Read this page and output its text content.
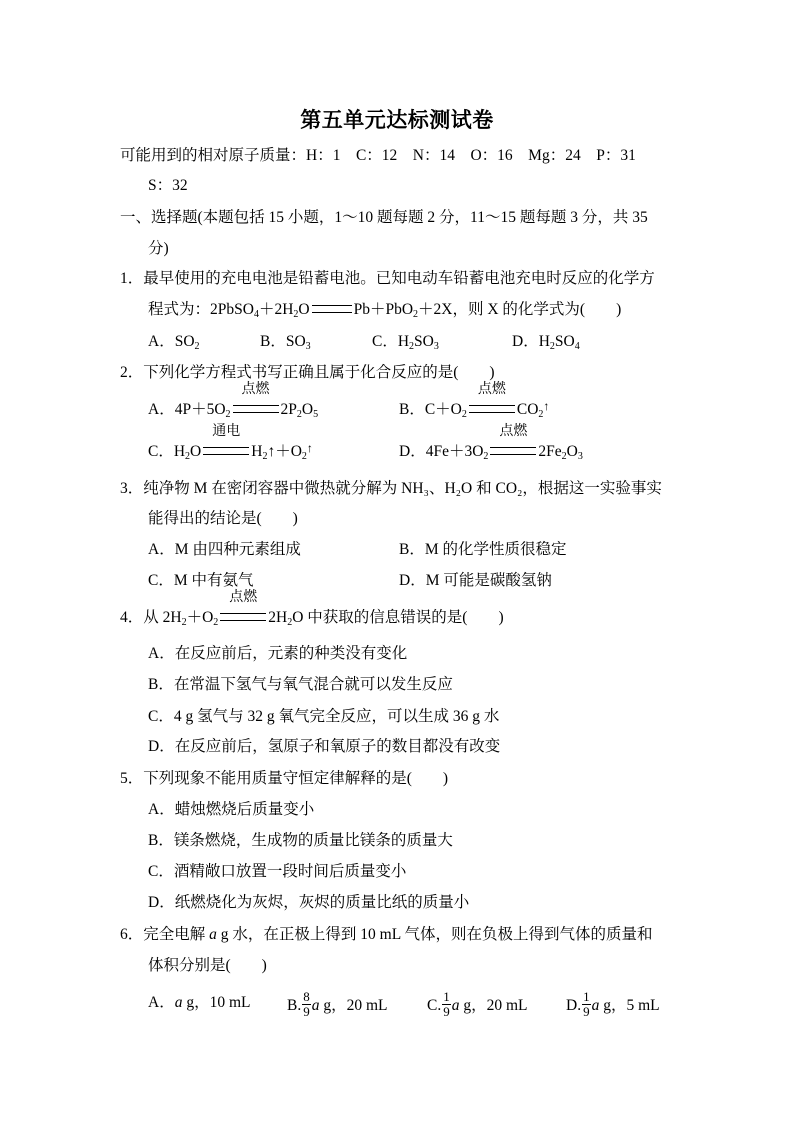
第五单元达标测试卷
可能用到的相对原子质量：H：1　C：12　N：14　O：16　Mg：24　P：31
S：32
一、选择题(本题包括 15 小题，1～10 题每题 2 分，11～15 题每题 3 分，共 35
分)
1．最早使用的充电电池是铅蓄电池。已知电动车铅蓄电池充电时反应的化学方
程式为：$2PbSO_4+2H_2O$	Pb＋PbO$_2$＋2X，则 X 的化学式为(　　)
A．$SO_2$	B．$SO_3$	C．$H_2SO_3$	D．$H_2SO_4$
2．下列化学方程式书写正确且属于化合反应的是(　　)
A．$4P+5O_2$
点燃
$2P_2O_5$	B．$C+O_2$
点燃
$CO_2^↑$
C．$H_2O$
通电
$H_2↑+O_2^↑$	D．$4Fe+3O_2$
点燃
$2Fe_2O_3$
3．纯净物 M 在密闭容器中微热就分解为 NH₃、H₂O 和 CO₂，根据这一实验事实
能得出的结论是(　　)
A．M 由四种元素组成	B．M 的化学性质很稳定
C．M 中有氨气	D．M 可能是碳酸氢钠
4．从 $2H_2+O_2$
点燃
$2H_2O$ 中获取的信息错误的是(　　)
A．在反应前后，元素的种类没有变化
B．在常温下氢气与氧气混合就可以发生反应
C．4 g 氢气与 32 g 氧气完全反应，可以生成 36 g 水
D．在反应前后，氢原子和氧原子的数目都没有改变
5．下列现象不能用质量守恒定律解释的是(　　)
A．蜡烛燃烧后质量变小
B．镁条燃烧，生成物的质量比镁条的质量大
C．酒精敞口放置一段时间后质量变小
D．纸燃烧化为灰烬，灰烬的质量比纸的质量小
6．完全电解 a g 水，在正极上得到 10 mL 气体，则在负极上得到气体的质量和
体积分别是(　　)
A．a g，10 mL B. $\frac{8}{9}$ a g，20 mL	C. $\frac{1}{9}$ a g，20 mL D. $\frac{1}{9}$ a g，5 mL
